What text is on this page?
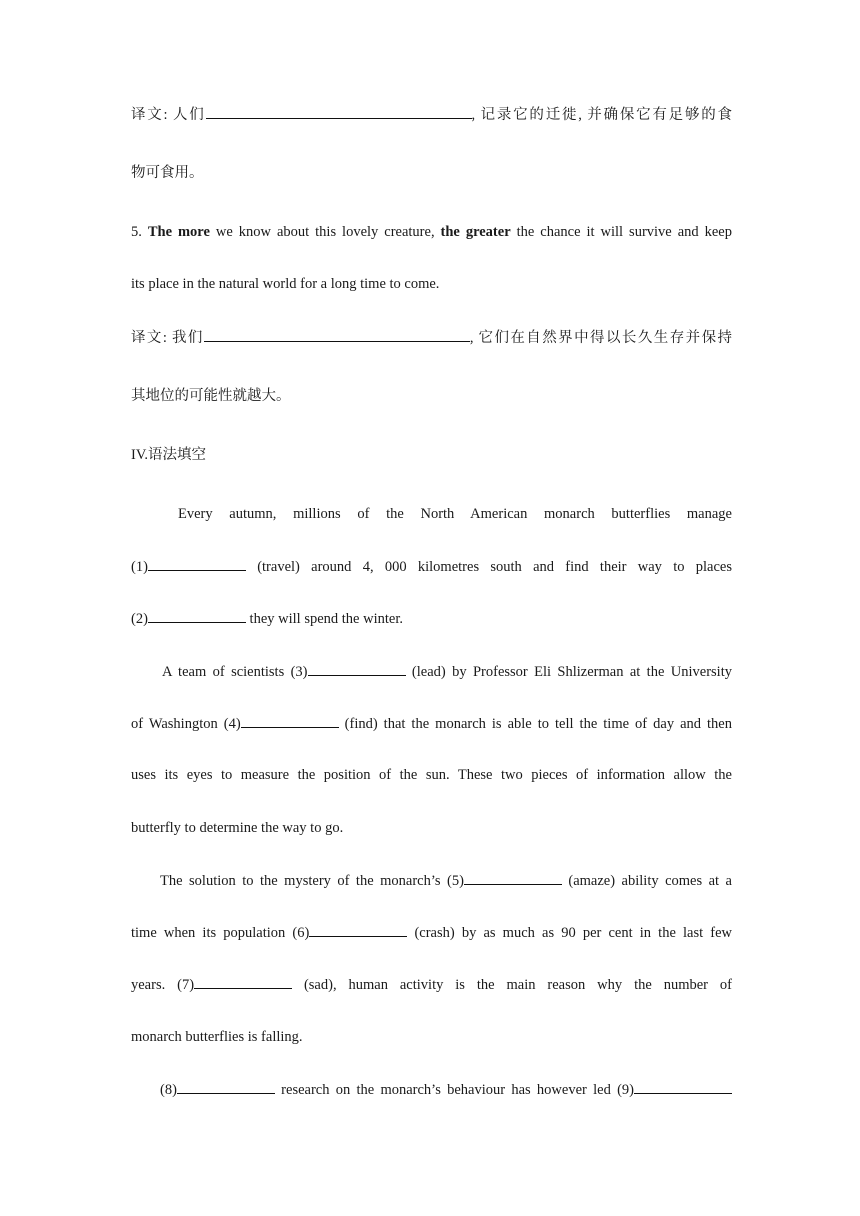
译文: 人们	, 记录它的迁徙, 并确保它有足够的食
物可食用。
5. The more we know about this lovely creature, the greater the chance it will survive and keep
its place in the natural world for a long time to come.
译文: 我们	, 它们在自然界中得以长久生存并保持
其地位的可能性就越大。
IV.语法填空
Every autumn, millions of the North American monarch butterflies manage
(1)	(travel) around 4, 000 kilometres south and find their way to places
(2)	they will spend the winter.
A team of scientists (3)	(lead) by Professor Eli Shlizerman at the University
of Washington (4)	(find) that the monarch is able to tell the time of day and then
uses its eyes to measure the position of the sun. These two pieces of information allow the
butterfly to determine the way to go.
The solution to the mystery of the monarch’s (5)	(amaze) ability comes at a
time when its population (6)	(crash) by as much as 90 per cent in the last few
years. (7)	(sad), human activity is the main reason why the number of
monarch butterflies is falling.
(8)	research on the monarch’s behaviour has however led (9)
